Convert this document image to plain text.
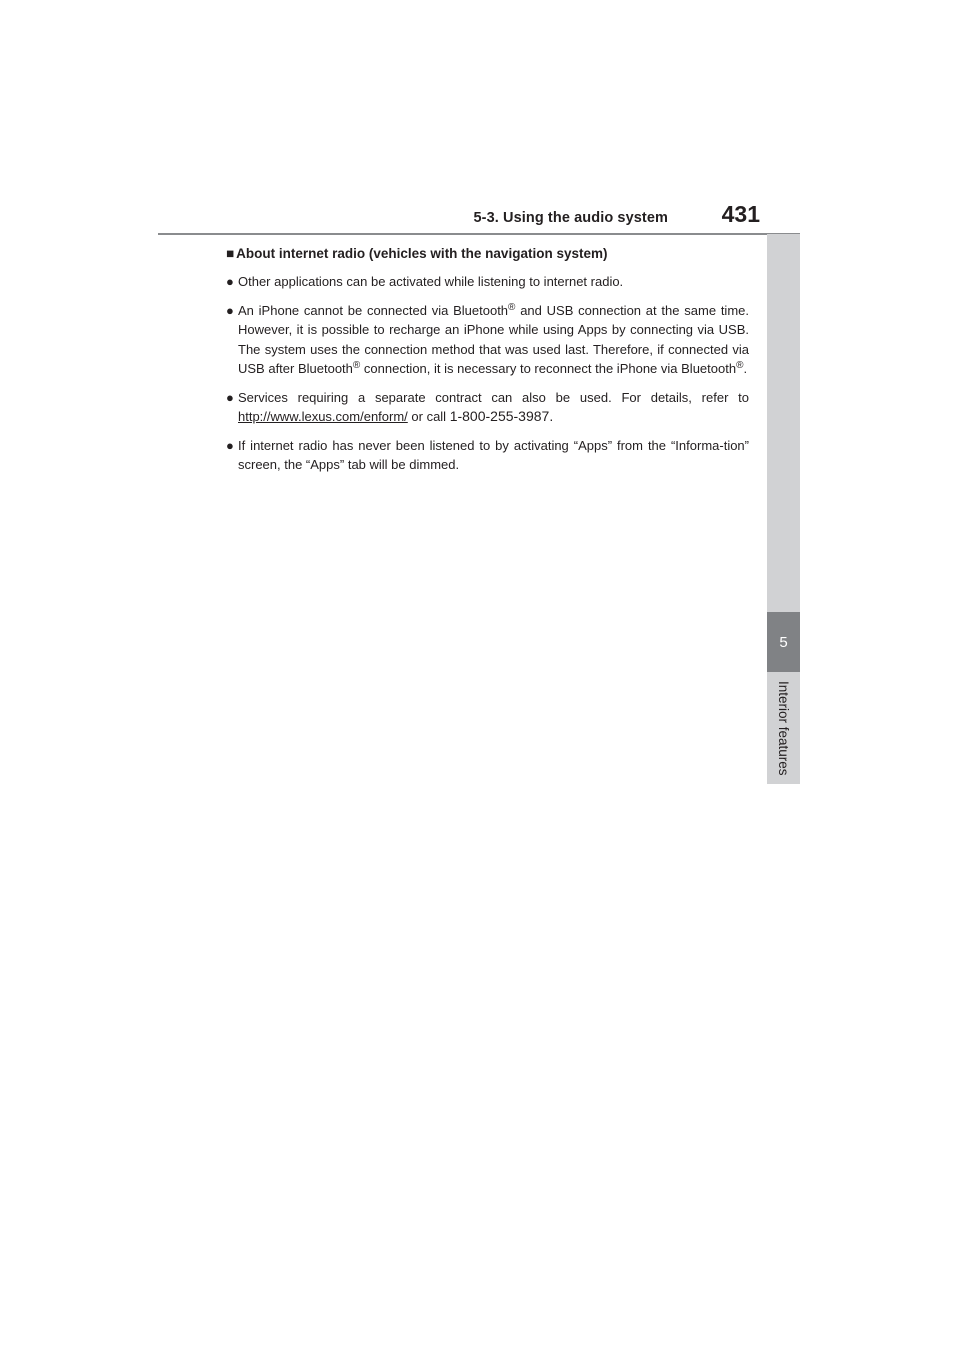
5-3. Using the audio system 431
5
Interior features
■ About internet radio (vehicles with the navigation system)
● Other applications can be activated while listening to internet radio.
● An iPhone cannot be connected via Bluetooth® and USB connection at the same time. However, it is possible to recharge an iPhone while using Apps by connecting via USB. The system uses the connection method that was used last. Therefore, if connected via USB after Bluetooth® connection, it is necessary to reconnect the iPhone via Bluetooth®.
● Services requiring a separate contract can also be used. For details, refer to http://www.lexus.com/enform/ or call 1-800-255-3987.
● If internet radio has never been listened to by activating “Apps” from the “Informa-tion” screen, the “Apps” tab will be dimmed.
